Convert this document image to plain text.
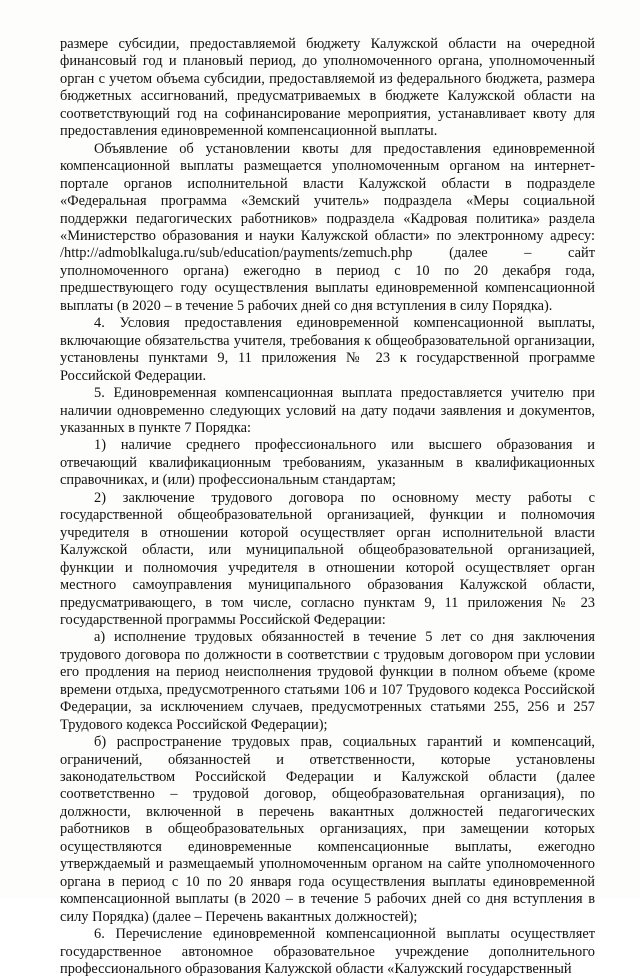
размере субсидии, предоставляемой бюджету Калужской области на очередной финансовый год и плановый период, до уполномоченного органа, уполномоченный орган с учетом объема субсидии, предоставляемой из федерального бюджета, размера бюджетных ассигнований, предусматриваемых в бюджете Калужской области на соответствующий год на софинансирование мероприятия, устанавливает квоту для предоставления единовременной компенсационной выплаты.

Объявление об установлении квоты для предоставления единовременной компенсационной выплаты размещается уполномоченным органом на интернет-портале органов исполнительной власти Калужской области в подразделе «Федеральная программа «Земский учитель» подраздела «Меры социальной поддержки педагогических работников» подраздела «Кадровая политика» раздела «Министерство образования и науки Калужской области» по электронному адресу: /http://admoblkaluga.ru/sub/education/payments/zemuch.php (далее – сайт уполномоченного органа) ежегодно в период с 10 по 20 декабря года, предшествующего году осуществления выплаты единовременной компенсационной выплаты (в 2020 – в течение 5 рабочих дней со дня вступления в силу Порядка).

4. Условия предоставления единовременной компенсационной выплаты, включающие обязательства учителя, требования к общеобразовательной организации, установлены пунктами 9, 11 приложения № 23 к государственной программе Российской Федерации.

5. Единовременная компенсационная выплата предоставляется учителю при наличии одновременно следующих условий на дату подачи заявления и документов, указанных в пункте 7 Порядка:

1) наличие среднего профессионального или высшего образования и отвечающий квалификационным требованиям, указанным в квалификационных справочниках, и (или) профессиональным стандартам;

2) заключение трудового договора по основному месту работы с государственной общеобразовательной организацией, функции и полномочия учредителя в отношении которой осуществляет орган исполнительной власти Калужской области, или муниципальной общеобразовательной организацией, функции и полномочия учредителя в отношении которой осуществляет орган местного самоуправления муниципального образования Калужской области, предусматривающего, в том числе, согласно пунктам 9, 11 приложения № 23 государственной программы Российской Федерации:

а) исполнение трудовых обязанностей в течение 5 лет со дня заключения трудового договора по должности в соответствии с трудовым договором при условии его продления на период неисполнения трудовой функции в полном объеме (кроме времени отдыха, предусмотренного статьями 106 и 107 Трудового кодекса Российской Федерации, за исключением случаев, предусмотренных статьями 255, 256 и 257 Трудового кодекса Российской Федерации);

б) распространение трудовых прав, социальных гарантий и компенсаций, ограничений, обязанностей и ответственности, которые установлены законодательством Российской Федерации и Калужской области (далее соответственно – трудовой договор, общеобразовательная организация), по должности, включенной в перечень вакантных должностей педагогических работников в общеобразовательных организациях, при замещении которых осуществляются единовременные компенсационные выплаты, ежегодно утверждаемый и размещаемый уполномоченным органом на сайте уполномоченного органа в период с 10 по 20 января года осуществления выплаты единовременной компенсационной выплаты (в 2020 – в течение 5 рабочих дней со дня вступления в силу Порядка) (далее – Перечень вакантных должностей);

6. Перечисление единовременной компенсационной выплаты осуществляет государственное автономное образовательное учреждение дополнительного профессионального образования Калужской области «Калужский государственный
